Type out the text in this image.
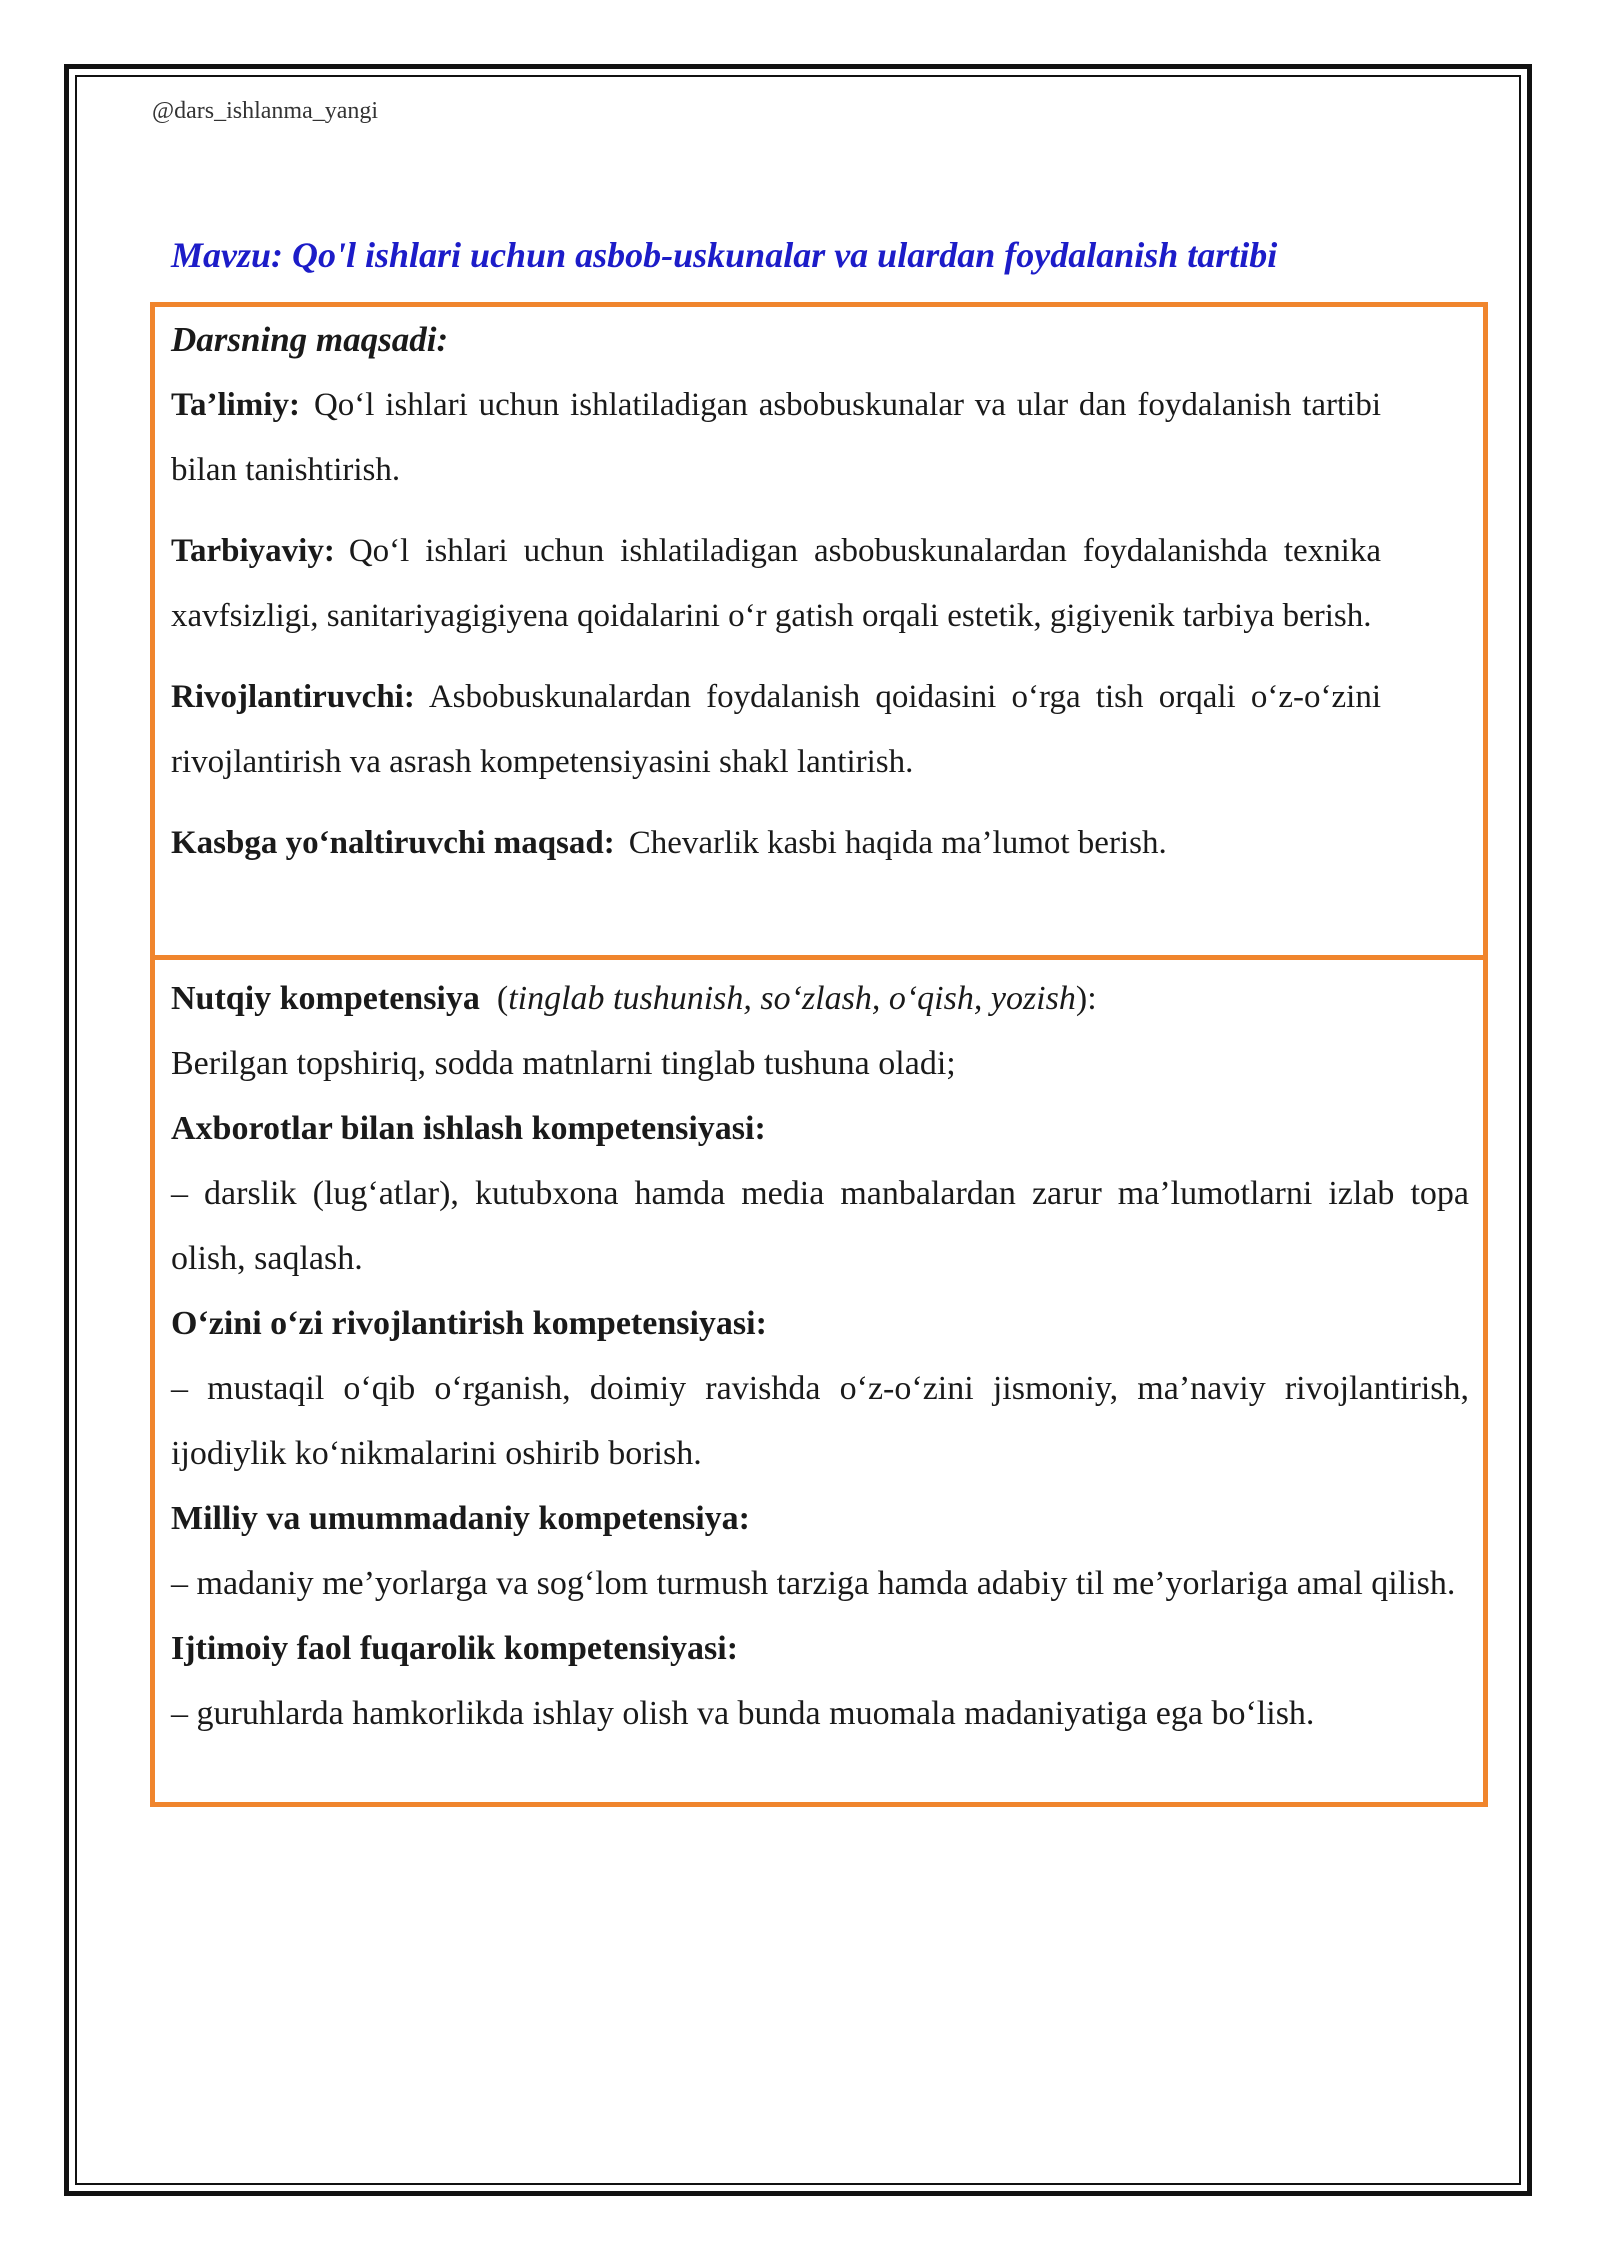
@dars_ishlanma_yangi
Mavzu: Qo'l ishlari uchun asbob-uskunalar va ulardan foydalanish tartibi
Darsning maqsadi:

Ta’limiy: Qo‘l ishlari uchun ishlatiladigan asbobuskunalar va ular dan foydalanish tartibi bilan tanishtirish.

Tarbiyaviy: Qo‘l ishlari uchun ishlatiladigan asbobuskunalardan foydalanishda texnika xavfsizligi, sanitariyagigiyena qoidalarini o‘r gatish orqali estetik, gigiyenik tarbiya berish.

Rivojlantiruvchi: Asbobuskunalardan foydalanish qoidasini o‘rga tish orqali o‘z-o‘zini rivojlantirish va asrash kompetensiyasini shakl lantirish.

Kasbga yo‘naltiruvchi maqsad: Chevarlik kasbi haqida ma’lumot berish.

Nutqiy kompetensiya  (tinglab tushunish, so‘zlash, o‘qish, yozish):

Berilgan topshiriq, sodda matnlarni tinglab tushuna oladi;

Axborotlar bilan ishlash kompetensiyasi:

– darslik (lug‘atlar), kutubxona hamda media manbalardan zarur ma’lumotlarni izlab topa olish, saqlash.

O‘zini o‘zi rivojlantirish kompetensiyasi:

– mustaqil o‘qib o‘rganish, doimiy ravishda o‘z-o‘zini jismoniy, ma’naviy rivojlantirish, ijodiylik ko‘nikmalarini oshirib borish.

Milliy va umummadaniy kompetensiya:

– madaniy me’yorlarga va sog‘lom turmush tarziga hamda adabiy til me’yorlariga amal qilish.

Ijtimoiy faol fuqarolik kompetensiyasi:

– guruhlarda hamkorlikda ishlay olish va bunda muomala madaniyatiga ega bo‘lish.
